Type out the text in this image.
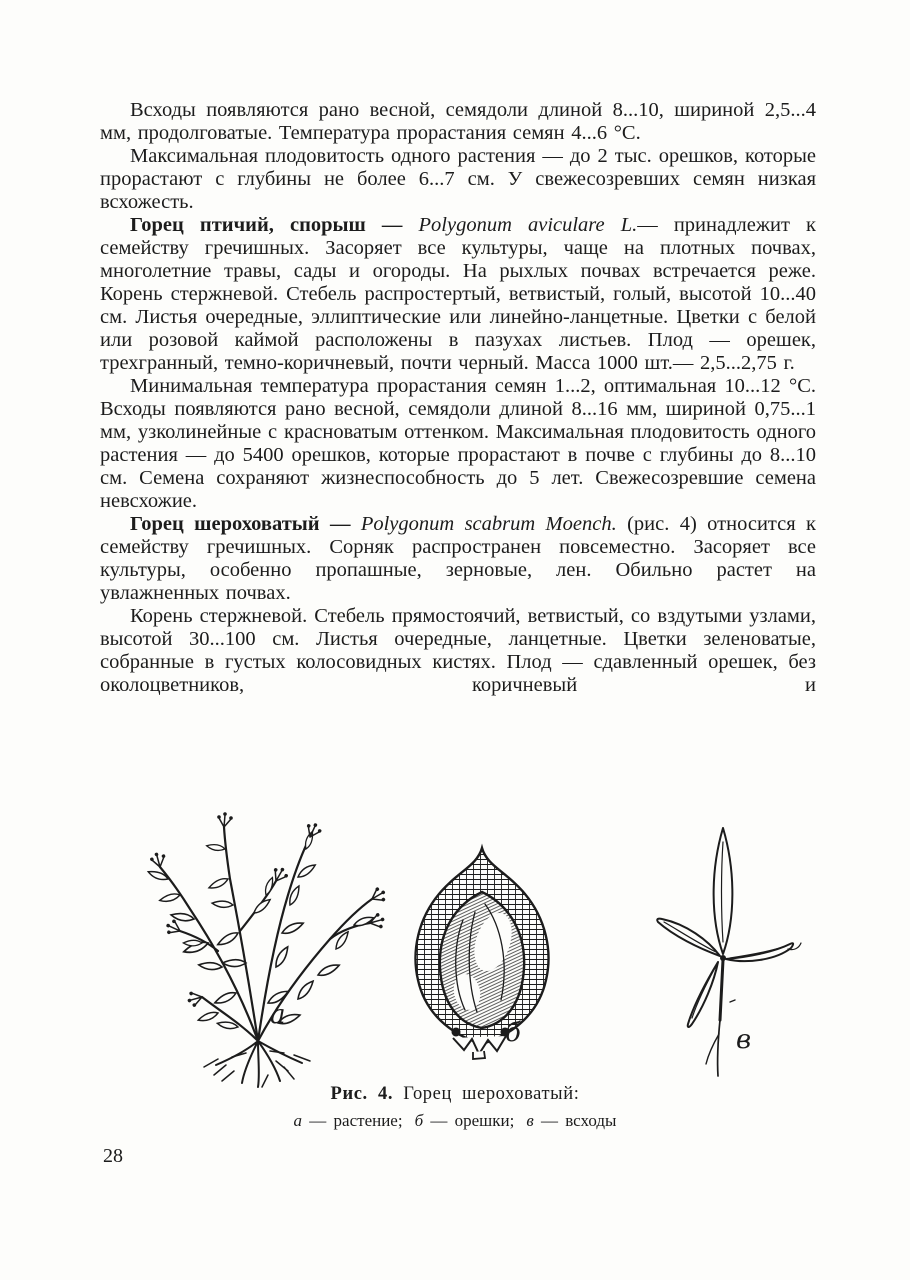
Всходы появляются рано весной, семядоли длиной 8...10, шириной 2,5...4 мм, продолговатые. Температура прорастания семян 4...6 °С.

Максимальная плодовитость одного растения — до 2 тыс. орешков, которые прорастают с глубины не более 6...7 см. У свежесозревших семян низкая всхожесть.

Горец птичий, спорыш — Polygonum aviculare L.— принадлежит к семейству гречишных. Засоряет все культуры, чаще на плотных почвах, многолетние травы, сады и огороды. На рыхлых почвах встречается реже. Корень стержневой. Стебель распростертый, ветвистый, голый, высотой 10...40 см. Листья очередные, эллиптические или линейно-ланцетные. Цветки с белой или розовой каймой расположены в пазухах листьев. Плод — орешек, трехгранный, темно-коричневый, почти черный. Масса 1000 шт.— 2,5...2,75 г.

Минимальная температура прорастания семян 1...2, оптимальная 10...12 °С. Всходы появляются рано весной, семядоли длиной 8...16 мм, шириной 0,75...1 мм, узколинейные с красноватым оттенком. Максимальная плодовитость одного растения — до 5400 орешков, которые прорастают в почве с глубины до 8...10 см. Семена сохраняют жизнеспособность до 5 лет. Свежесозревшие семена невсхожие.

Горец шероховатый — Polygonum scabrum Moench. (рис. 4) относится к семейству гречишных. Сорняк распространен повсеместно. Засоряет все культуры, особенно пропашные, зерновые, лен. Обильно растет на увлажненных почвах.

Корень стержневой. Стебель прямостоячий, ветвистый, со вздутыми узлами, высотой 30...100 см. Листья очередные, ланцетные. Цветки зеленоватые, собранные в густых колосовидных кистях. Плод — сдавленный орешек, без околоцветников, коричневый и

а
б	в
Рис. 4. Горец шероховатый:
а — растение; б — орешки; в — всходы
28
